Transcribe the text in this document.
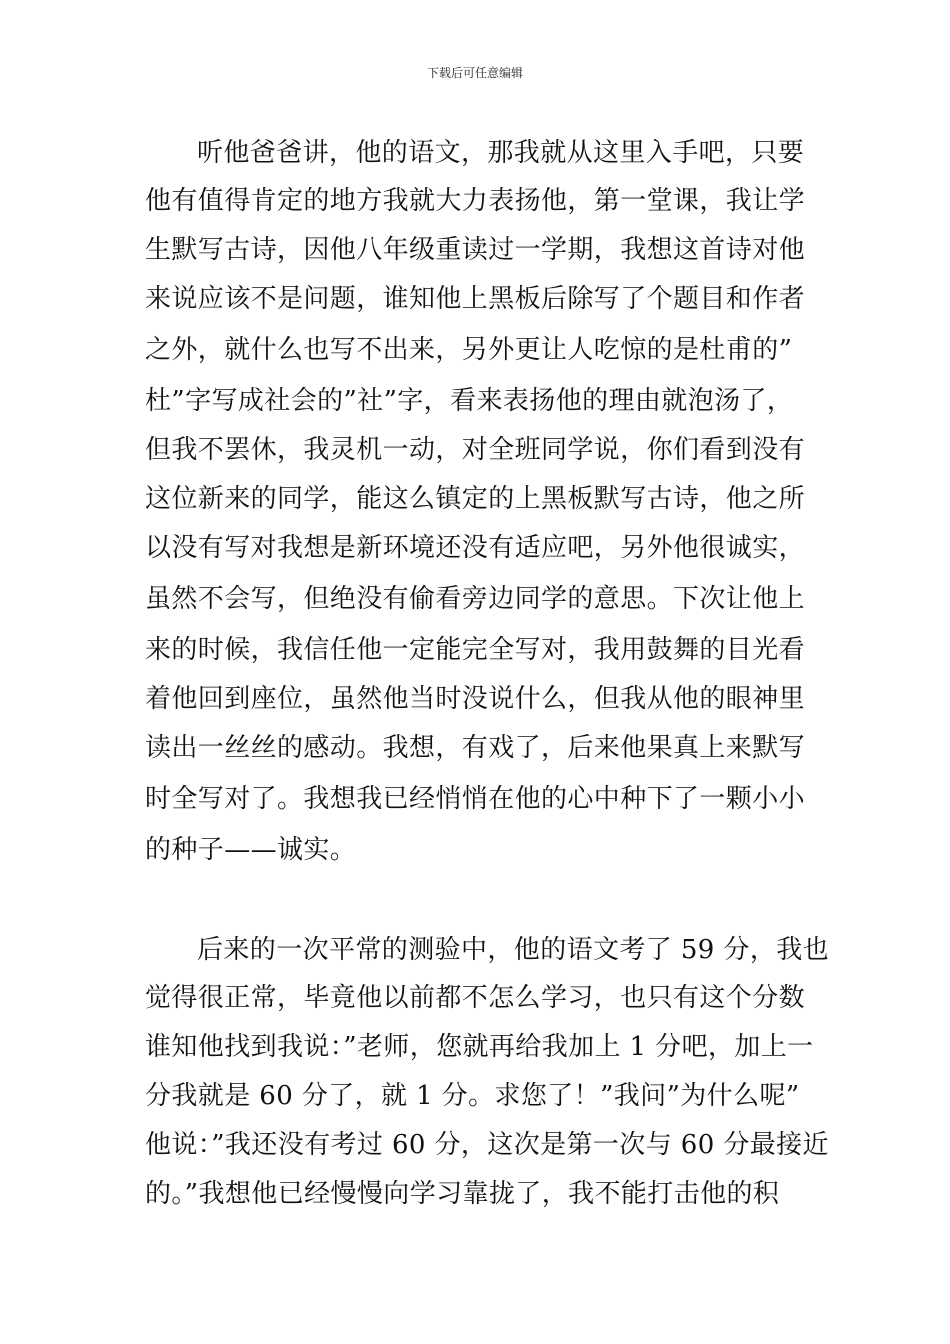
下载后可任意编辑
听他爸爸讲，他的语文，那我就从这里入手吧，只要
他有值得肯定的地方我就大力表扬他，第一堂课，我让学
生默写古诗，因他八年级重读过一学期，我想这首诗对他
来说应该不是问题，谁知他上黑板后除写了个题目和作者
之外，就什么也写不出来，另外更让人吃惊的是杜甫的”
杜”字写成社会的”社”字，看来表扬他的理由就泡汤了，
但我不罢休，我灵机一动，对全班同学说，你们看到没有
这位新来的同学，能这么镇定的上黑板默写古诗，他之所
以没有写对我想是新环境还没有适应吧，另外他很诚实，
虽然不会写，但绝没有偷看旁边同学的意思。下次让他上
来的时候，我信任他一定能完全写对，我用鼓舞的目光看
着他回到座位，虽然他当时没说什么，但我从他的眼神里
读出一丝丝的感动。我想，有戏了，后来他果真上来默写
时全写对了。我想我已经悄悄在他的心中种下了一颗小小
的种子——诚实。
后来的一次平常的测验中，他的语文考了 59 分，我也
觉得很正常，毕竟他以前都不怎么学习，也只有这个分数
谁知他找到我说：”老师，您就再给我加上 1 分吧，加上一
分我就是 60 分了，就 1 分。求您了！”我问”为什么呢”
他说：”我还没有考过 60 分，这次是第一次与 60 分最接近
的。”我想他已经慢慢向学习靠拢了，我不能打击他的积
